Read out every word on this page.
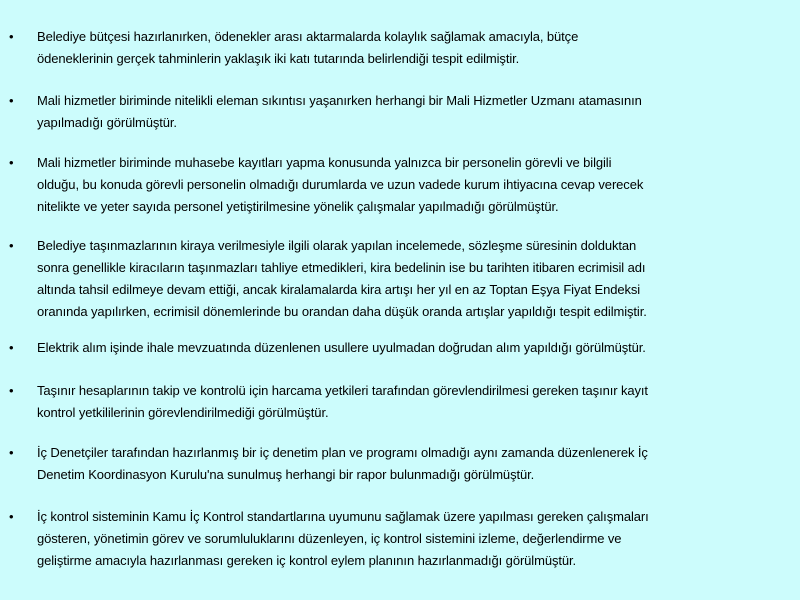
• Belediye bütçesi hazırlanırken, ödenekler arası aktarmalarda kolaylık sağlamak amacıyla, bütçe
ödeneklerinin gerçek tahminlerin yaklaşık iki katı tutarında belirlendiği tespit edilmiştir.
• Mali hizmetler biriminde nitelikli eleman sıkıntısı yaşanırken herhangi bir Mali Hizmetler Uzmanı atamasının
yapılmadığı görülmüştür.
• Mali hizmetler biriminde muhasebe kayıtları yapma konusunda yalnızca bir personelin görevli ve bilgili
olduğu, bu konuda görevli personelin olmadığı durumlarda ve uzun vadede kurum ihtiyacına cevap verecek
nitelikte ve yeter sayıda personel yetiştirilmesine yönelik çalışmalar yapılmadığı görülmüştür.
• Belediye taşınmazlarının kiraya verilmesiyle ilgili olarak yapılan incelemede, sözleşme süresinin dolduktan
sonra genellikle kiracıların taşınmazları tahliye etmedikleri, kira bedelinin ise bu tarihten itibaren ecrimisil adı
altında tahsil edilmeye devam ettiği, ancak kiralamalarda kira artışı her yıl en az Toptan Eşya Fiyat Endeksi
oranında yapılırken, ecrimisil dönemlerinde bu orandan daha düşük oranda artışlar yapıldığı tespit edilmiştir.
• Elektrik alım işinde ihale mevzuatında düzenlenen usullere uyulmadan doğrudan alım yapıldığı görülmüştür.
• Taşınır hesaplarının takip ve kontrolü için harcama yetkileri tarafından görevlendirilmesi gereken taşınır kayıt
kontrol yetkililerinin görevlendirilmediği görülmüştür.
• İç Denetçiler tarafından hazırlanmış bir iç denetim plan ve programı olmadığı aynı zamanda düzenlenerek İç
Denetim Koordinasyon Kurulu'na sunulmuş herhangi bir rapor bulunmadığı görülmüştür.
• İç kontrol sisteminin Kamu İç Kontrol standartlarına uyumunu sağlamak üzere yapılması gereken çalışmaları
gösteren, yönetimin görev ve sorumluluklarını düzenleyen, iç kontrol sistemini izleme, değerlendirme ve
geliştirme amacıyla hazırlanması gereken iç kontrol eylem planının hazırlanmadığı görülmüştür.
